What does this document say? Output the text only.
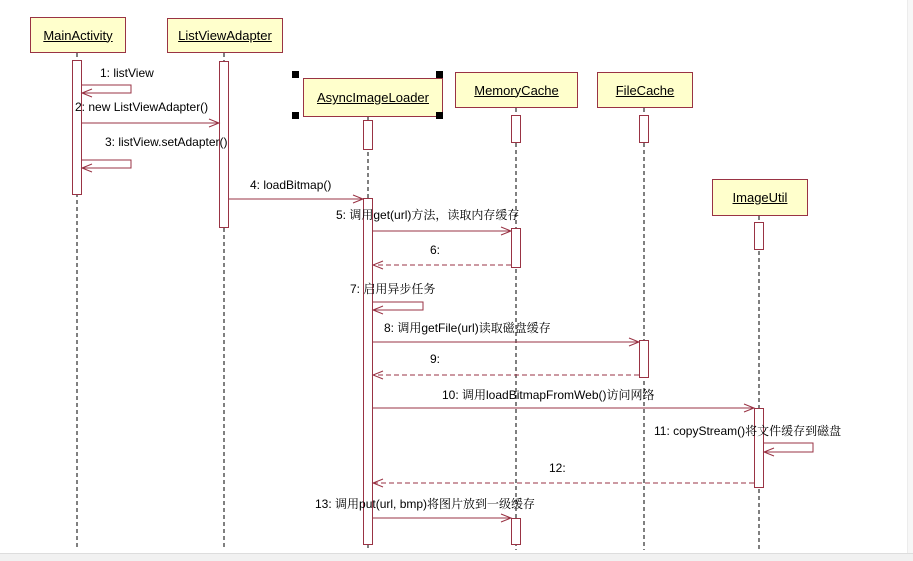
MainActivity	ListViewAdapter
AsyncImageLoader	MemoryCache	FileCache
ImageUtil
1: listView
2: new ListViewAdapter()
3: listView.setAdapter()
4: loadBitmap()
5: 调用get(url)方法，读取内存缓存
6:
7: 启用异步任务
8: 调用getFile(url)读取磁盘缓存
9:
10: 调用loadBitmapFromWeb()访问网络
11: copyStream()将文件缓存到磁盘
12:
13: 调用put(url, bmp)将图片放到一级缓存
